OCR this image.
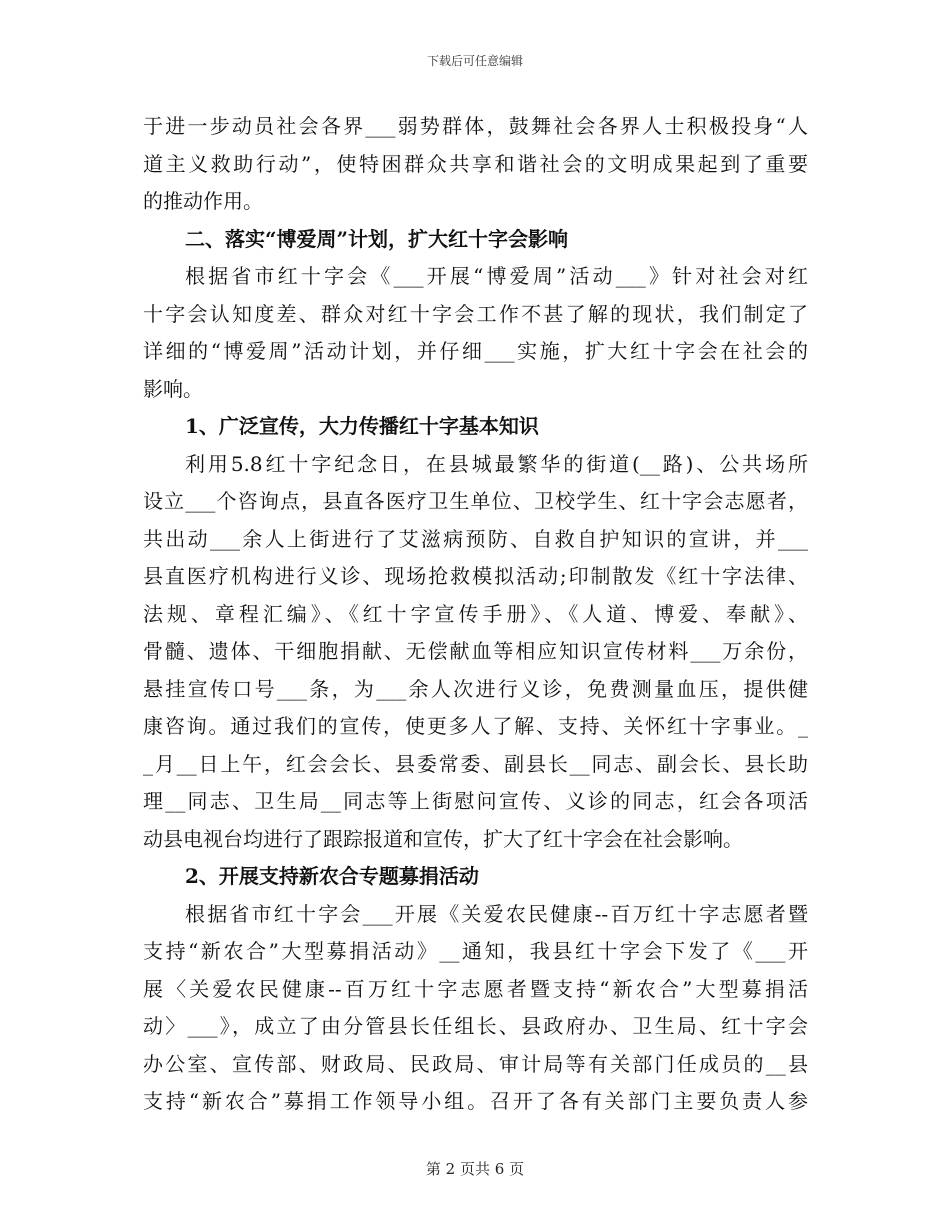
下载后可任意编辑
于进一步动员社会各界___弱势群体，鼓舞社会各界人士积极投身“人
道主义救助行动”，使特困群众共享和谐社会的文明成果起到了重要
的推动作用。
二、落实“博爱周”计划，扩大红十字会影响
根据省市红十字会《___开展“博爱周”活动___》针对社会对红
十字会认知度差、群众对红十字会工作不甚了解的现状，我们制定了
详细的“博爱周”活动计划，并仔细___实施，扩大红十字会在社会的
影响。
1、广泛宣传，大力传播红十字基本知识
利用5.8红十字纪念日，在县城最繁华的街道(__路)、公共场所
设立___个咨询点，县直各医疗卫生单位、卫校学生、红十字会志愿者，
共出动___余人上街进行了艾滋病预防、自救自护知识的宣讲，并___
县直医疗机构进行义诊、现场抢救模拟活动;印制散发《红十字法律、
法规、章程汇编》、《红十字宣传手册》、《人道、博爱、奉献》、
骨髓、遗体、干细胞捐献、无偿献血等相应知识宣传材料___万余份，
悬挂宣传口号___条，为___余人次进行义诊，免费测量血压，提供健
康咨询。通过我们的宣传，使更多人了解、支持、关怀红十字事业。_
_月__日上午，红会会长、县委常委、副县长__同志、副会长、县长助
理__同志、卫生局__同志等上街慰问宣传、义诊的同志，红会各项活
动县电视台均进行了跟踪报道和宣传，扩大了红十字会在社会影响。
2、开展支持新农合专题募捐活动
根据省市红十字会___开展《关爱农民健康--百万红十字志愿者暨
支持“新农合”大型募捐活动》__通知，我县红十字会下发了《___开
展〈关爱农民健康--百万红十字志愿者暨支持“新农合”大型募捐活
动〉___》，成立了由分管县长任组长、县政府办、卫生局、红十字会
办公室、宣传部、财政局、民政局、审计局等有关部门任成员的__县
支持“新农合”募捐工作领导小组。召开了各有关部门主要负责人参
第 2 页共 6 页
